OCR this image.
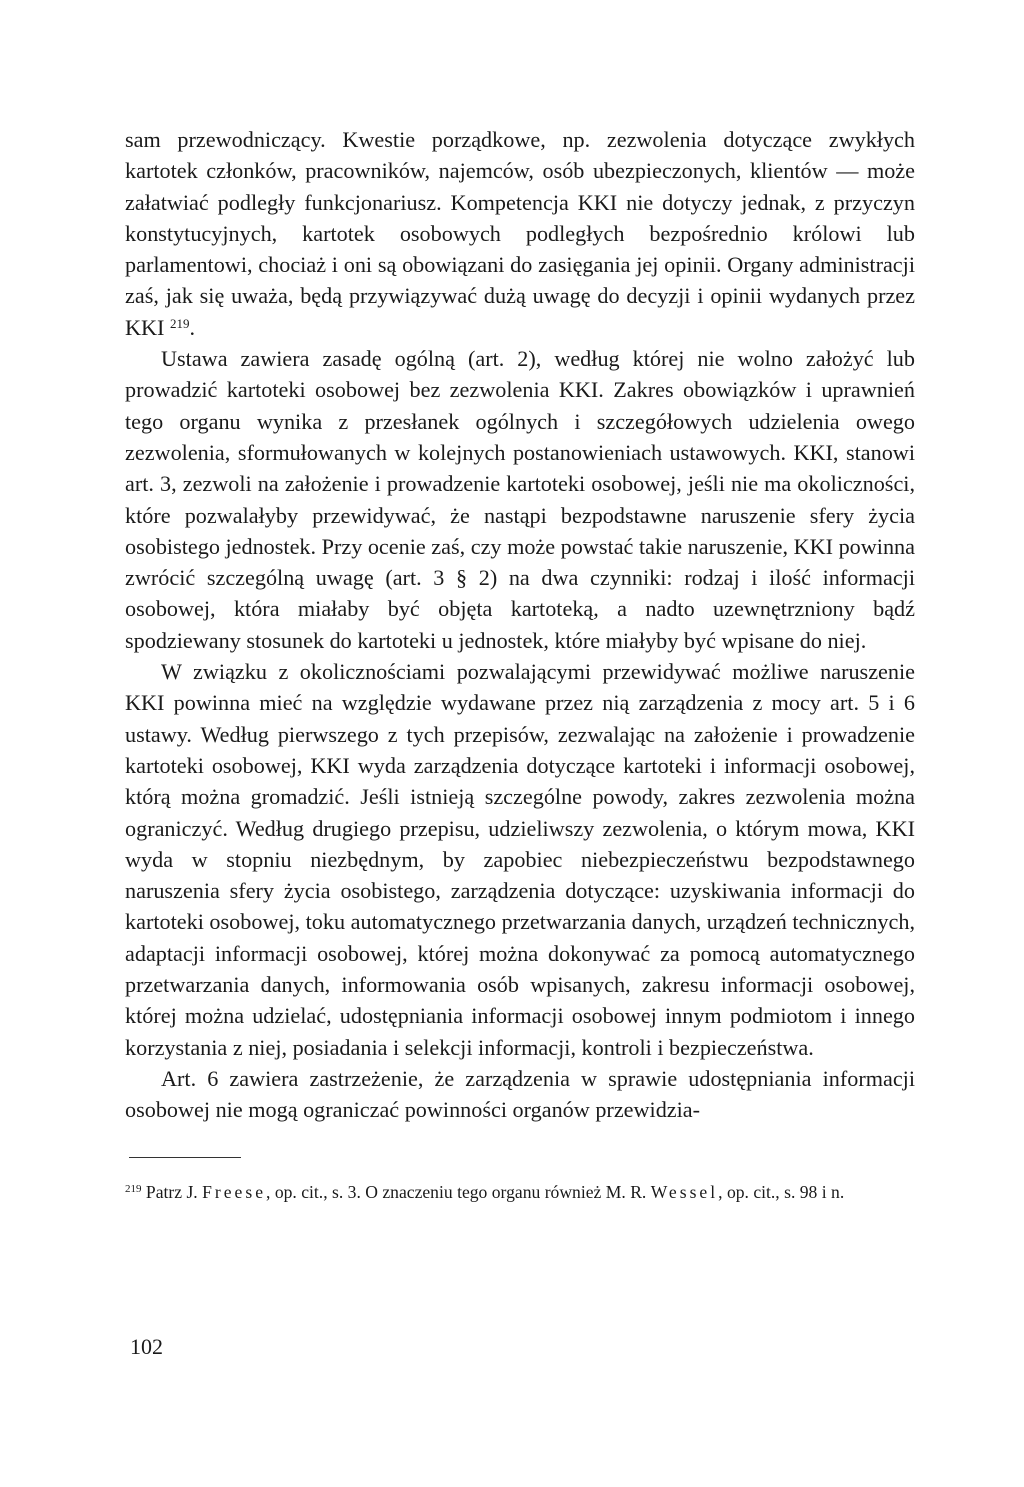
sam przewodniczący. Kwestie porządkowe, np. zezwolenia dotyczące zwykłych kartotek członków, pracowników, najemców, osób ubezpieczonych, klientów — może załatwiać podległy funkcjonariusz. Kompetencja KKI nie dotyczy jednak, z przyczyn konstytucyjnych, kartotek osobowych podległych bezpośrednio królowi lub parlamentowi, chociaż i oni są obowiązani do zasięgania jej opinii. Organy administracji zaś, jak się uważa, będą przywiązywać dużą uwagę do decyzji i opinii wydanych przez KKI $^{219}$.

Ustawa zawiera zasadę ogólną (art. 2), według której nie wolno założyć lub prowadzić kartoteki osobowej bez zezwolenia KKI. Zakres obowiązków i uprawnień tego organu wynika z przesłanek ogólnych i szczegółowych udzielenia owego zezwolenia, sformułowanych w kolejnych postanowieniach ustawowych. KKI, stanowi art. 3, zezwoli na założenie i prowadzenie kartoteki osobowej, jeśli nie ma okoliczności, które pozwalałyby przewidywać, że nastąpi bezpodstawne naruszenie sfery życia osobistego jednostek. Przy ocenie zaś, czy może powstać takie naruszenie, KKI powinna zwrócić szczególną uwagę (art. 3 § 2) na dwa czynniki: rodzaj i ilość informacji osobowej, która miałaby być objęta kartoteką, a nadto uzewnętrzniony bądź spodziewany stosunek do kartoteki u jednostek, które miałyby być wpisane do niej.

W związku z okolicznościami pozwalającymi przewidywać możliwe naruszenie KKI powinna mieć na względzie wydawane przez nią zarządzenia z mocy art. 5 i 6 ustawy. Według pierwszego z tych przepisów, zezwalając na założenie i prowadzenie kartoteki osobowej, KKI wyda zarządzenia dotyczące kartoteki i informacji osobowej, którą można gromadzić. Jeśli istnieją szczególne powody, zakres zezwolenia można ograniczyć. Według drugiego przepisu, udzieliwszy zezwolenia, o którym mowa, KKI wyda w stopniu niezbędnym, by zapobiec niebezpieczeństwu bezpodstawnego naruszenia sfery życia osobistego, zarządzenia dotyczące: uzyskiwania informacji do kartoteki osobowej, toku automatycznego przetwarzania danych, urządzeń technicznych, adaptacji informacji osobowej, której można dokonywać za pomocą automatycznego przetwarzania danych, informowania osób wpisanych, zakresu informacji osobowej, której można udzielać, udostępniania informacji osobowej innym podmiotom i innego korzystania z niej, posiadania i selekcji informacji, kontroli i bezpieczeństwa.

Art. 6 zawiera zastrzeżenie, że zarządzenia w sprawie udostępniania informacji osobowej nie mogą ograniczać powinności organów przewidzia-

$^{219}$ Patrz J. Freese, op. cit., s. 3. O znaczeniu tego organu również M. R. Wessel, op. cit., s. 98 i n.

102
